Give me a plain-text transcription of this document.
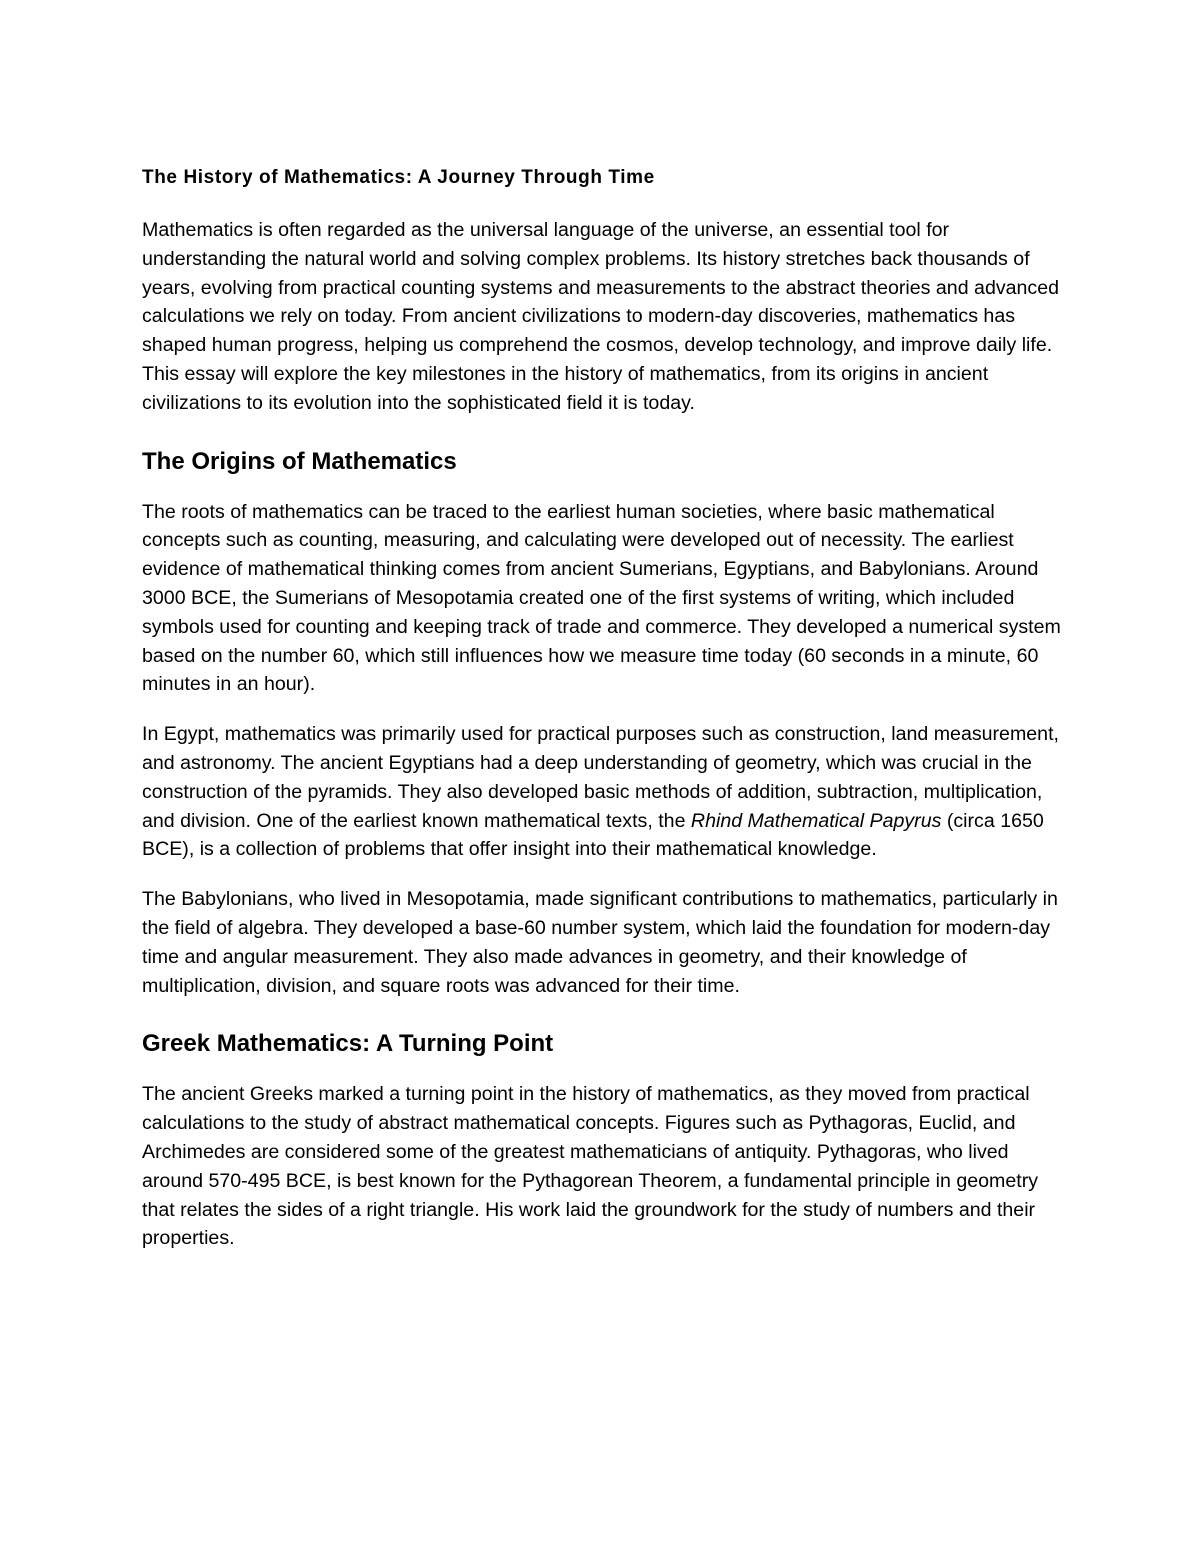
The History of Mathematics: A Journey Through Time

Mathematics is often regarded as the universal language of the universe, an essential tool for understanding the natural world and solving complex problems. Its history stretches back thousands of years, evolving from practical counting systems and measurements to the abstract theories and advanced calculations we rely on today. From ancient civilizations to modern-day discoveries, mathematics has shaped human progress, helping us comprehend the cosmos, develop technology, and improve daily life. This essay will explore the key milestones in the history of mathematics, from its origins in ancient civilizations to its evolution into the sophisticated field it is today.

The Origins of Mathematics

The roots of mathematics can be traced to the earliest human societies, where basic mathematical concepts such as counting, measuring, and calculating were developed out of necessity. The earliest evidence of mathematical thinking comes from ancient Sumerians, Egyptians, and Babylonians. Around 3000 BCE, the Sumerians of Mesopotamia created one of the first systems of writing, which included symbols used for counting and keeping track of trade and commerce. They developed a numerical system based on the number 60, which still influences how we measure time today (60 seconds in a minute, 60 minutes in an hour).

In Egypt, mathematics was primarily used for practical purposes such as construction, land measurement, and astronomy. The ancient Egyptians had a deep understanding of geometry, which was crucial in the construction of the pyramids. They also developed basic methods of addition, subtraction, multiplication, and division. One of the earliest known mathematical texts, the Rhind Mathematical Papyrus (circa 1650 BCE), is a collection of problems that offer insight into their mathematical knowledge.

The Babylonians, who lived in Mesopotamia, made significant contributions to mathematics, particularly in the field of algebra. They developed a base-60 number system, which laid the foundation for modern-day time and angular measurement. They also made advances in geometry, and their knowledge of multiplication, division, and square roots was advanced for their time.

Greek Mathematics: A Turning Point

The ancient Greeks marked a turning point in the history of mathematics, as they moved from practical calculations to the study of abstract mathematical concepts. Figures such as Pythagoras, Euclid, and Archimedes are considered some of the greatest mathematicians of antiquity. Pythagoras, who lived around 570-495 BCE, is best known for the Pythagorean Theorem, a fundamental principle in geometry that relates the sides of a right triangle. His work laid the groundwork for the study of numbers and their properties.
